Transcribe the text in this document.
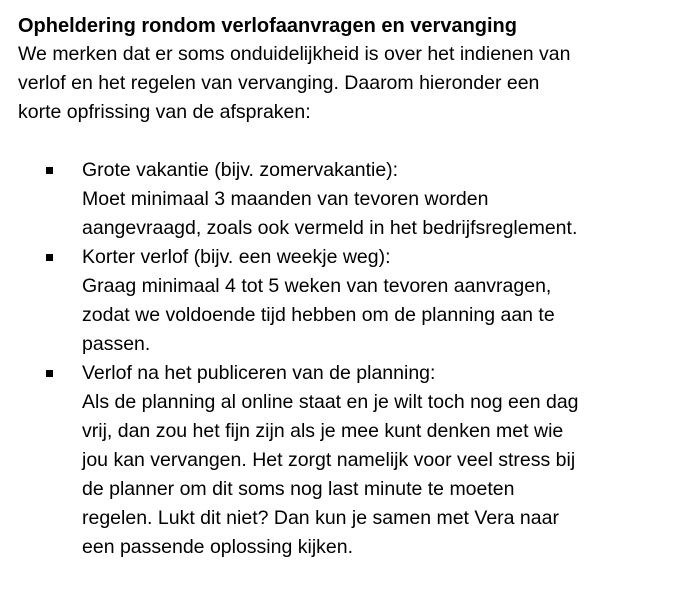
Opheldering rondom verlofaanvragen en vervanging

We merken dat er soms onduidelijkheid is over het indienen van
verlof en het regelen van vervanging. Daarom hieronder een
korte opfrissing van de afspraken:

Grote vakantie (bijv. zomervakantie):
Moet minimaal 3 maanden van tevoren worden
aangevraagd, zoals ook vermeld in het bedrijfsreglement.
Korter verlof (bijv. een weekje weg):
Graag minimaal 4 tot 5 weken van tevoren aanvragen,
zodat we voldoende tijd hebben om de planning aan te
passen.
Verlof na het publiceren van de planning:
Als de planning al online staat en je wilt toch nog een dag
vrij, dan zou het fijn zijn als je mee kunt denken met wie
jou kan vervangen. Het zorgt namelijk voor veel stress bij
de planner om dit soms nog last minute te moeten
regelen. Lukt dit niet? Dan kun je samen met Vera naar
een passende oplossing kijken.
